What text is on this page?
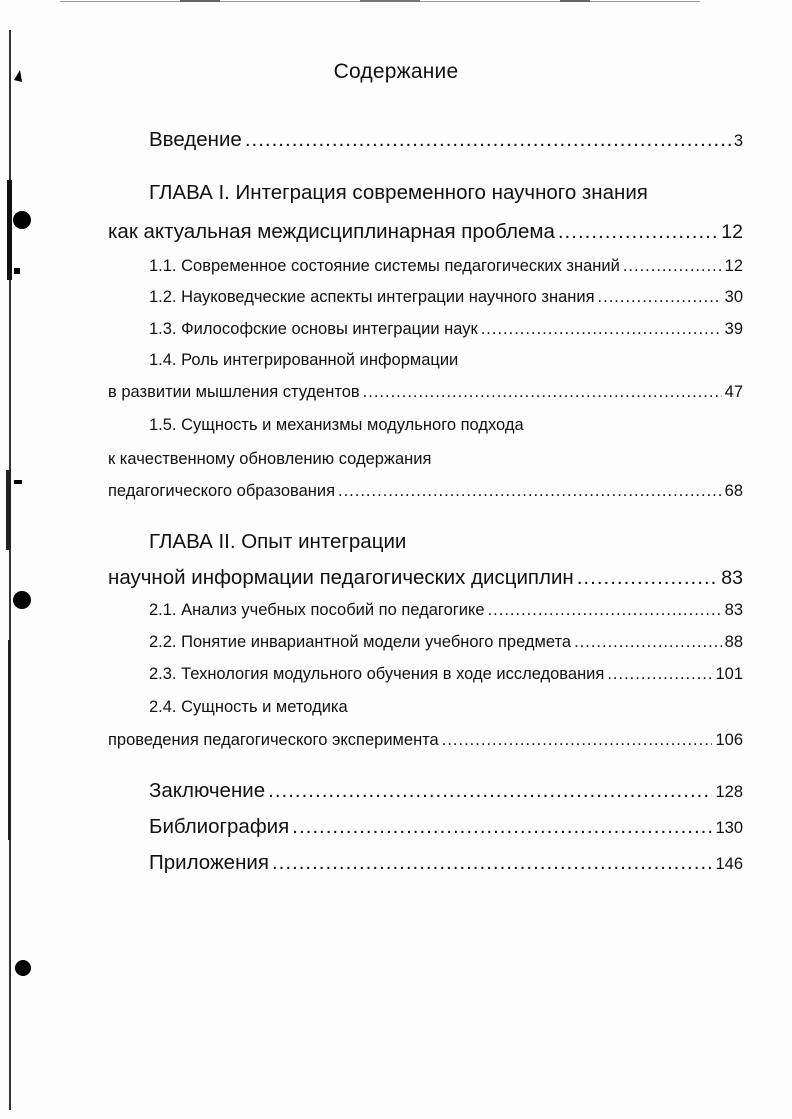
Содержание
Введение .....	3
ГЛАВА I. Интеграция современного научного знания
как актуальная междисциплинарная проблема .....	12
1.1. Современное состояние системы педагогических знаний .....	12
1.2. Науковедческие аспекты интеграции научного знания .....	30
1.3. Философские основы интеграции наук .....	39
1.4. Роль интегрированной информации
в развитии мышления студентов .....	47
1.5. Сущность и механизмы модульного подхода
к качественному обновлению содержания
педагогического образования .....	68
ГЛАВА II. Опыт интеграции
научной информации педагогических дисциплин .....	83
2.1. Анализ учебных пособий по педагогике .....	83
2.2. Понятие инвариантной модели учебного предмета .....	88
2.3. Технология модульного обучения в ходе исследования .....	101
2.4. Сущность и методика
проведения педагогического эксперимента .....	106
Заключение .....	128
Библиография .....	130
Приложения .....	146
